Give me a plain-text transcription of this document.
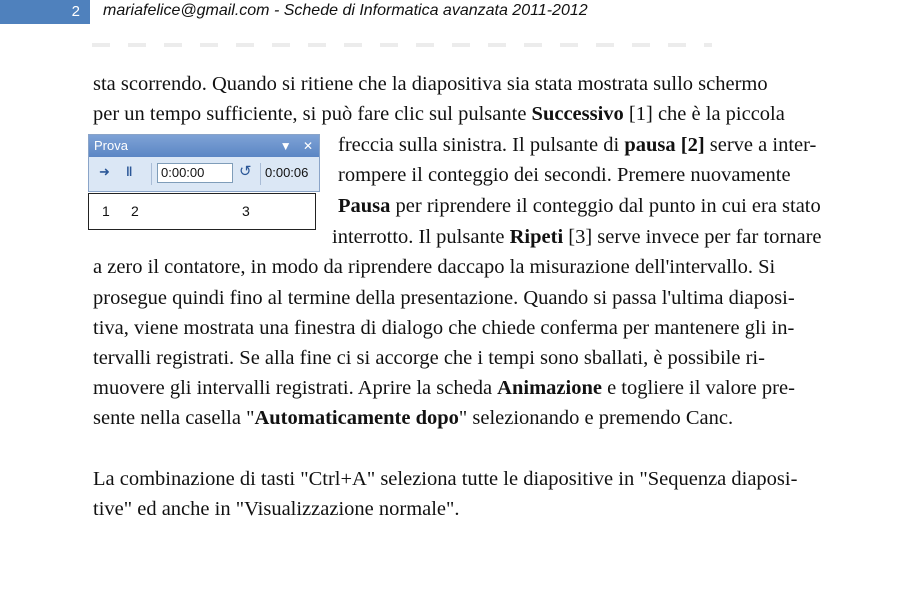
2	mariafelice@gmail.com - Schede di Informatica avanzata 2011-2012
sta scorrendo. Quando si ritiene che la diapositiva sia stata mostrata sullo schermo
per un tempo sufficiente, si può fare clic sul pulsante Successivo [1] che è la piccola
Prova	▼ ✕
➜ ‖	0:00:00	↺ 0:00:06
1 2	3
freccia sulla sinistra. Il pulsante di pausa [2] serve a inter-
rompere il conteggio dei secondi. Premere nuovamente
Pausa per riprendere il conteggio dal punto in cui era stato
interrotto. Il pulsante Ripeti [3] serve invece per far tornare
a zero il contatore, in modo da riprendere daccapo la misurazione dell'intervallo. Si
prosegue quindi fino al termine della presentazione. Quando si passa l'ultima diaposi-
tiva, viene mostrata una finestra di dialogo che chiede conferma per mantenere gli in-
tervalli registrati. Se alla fine ci si accorge che i tempi sono sballati, è possibile ri-
muovere gli intervalli registrati. Aprire la scheda Animazione e togliere il valore pre-
sente nella casella "Automaticamente dopo" selezionando e premendo Canc.
La combinazione di tasti "Ctrl+A" seleziona tutte le diapositive in "Sequenza diaposi-
tive" ed anche in "Visualizzazione normale".
